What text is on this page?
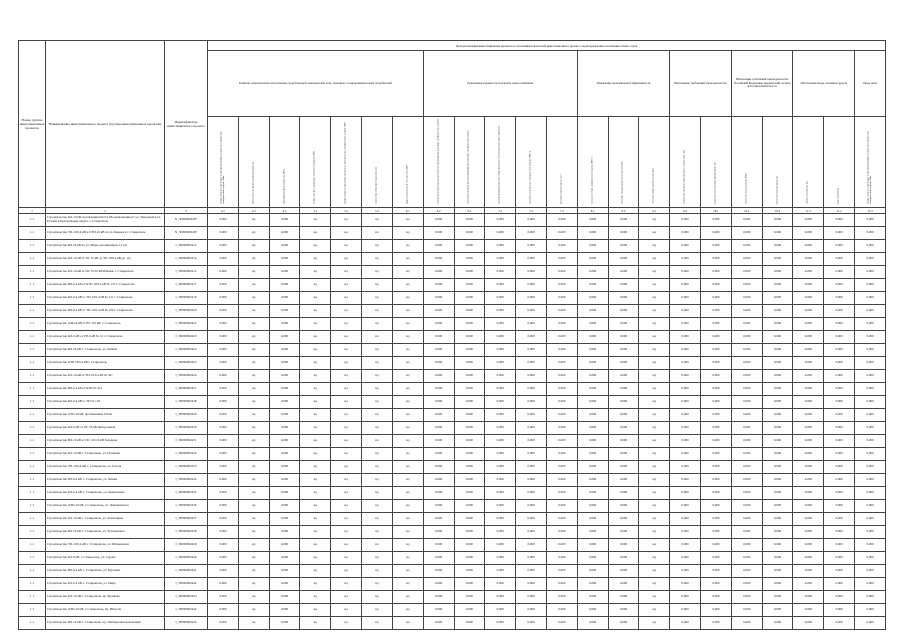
Номер группы инвестиционных проектов	Наименование инвестиционного проекта (группы инвестиционных проектов)	Идентификатор инвестиционного проекта	Цели реализации инвестиционных проектов в отношении показателей инвестиционного проекта, характеризующих реализацию плана, годов																					
			Развитие электрической сети/усиление существующей электрической сети, связанное с подключением новых потребителей							Повышение надежности и качества энергоснабжения					Повышение экономической эффективности			Выполнение требований законодательства		Выполнение требований законодательства Российской Федерации, предписаний органов исполнительной власти		Обеспечение ввода основных средств		Иные цели

			мощность присоединяемых энергопринимающих устройств потребителей электрической энергии, МВт	протяженность линий электропередачи, км	трансформаторная мощность, МВА	мощность присоединяемых объектов генерации, МВт	мощность присоединяемых объектов по производству электрической энергии, МВт	количество точек присоединения, шт.	прирост пропускной способности, МВт	показатель средней продолжительности прекращений передачи электрической энергии	показатель средней частоты прекращений передачи электрической энергии	показатель уровня качества осуществляемого технологического присоединения	снижение недоотпуска электрической энергии, МВт·ч	экономия энергоресурсов, т.у.т.	снижение потерь электрической энергии, МВт·ч	снижение операционных расходов, млн руб.	снижение затрат на ремонт, млн руб.	количество объектов, приведенных в соответствие, шт.	количество исполненных предписаний, шт.	объем обеспечения ввода, МВА	объем обеспечения ввода, км	прочие показатели, шт.	иные показатели	мощность присоединяемых энергопринимающих устройств потребителей электрической энергии, МВт

1	2	3	4.1	4.2	4.3	5.1	5.2	5.3	6.1	6.2	6.3	7.1	7.2	7.3	8.1	8.2	9.1	9.2	10.1	10.2	10.3	11.1	11.2	11.3
1.1	Строительство КЛ-10 кВ, протяжением КЛ 4 кВ, выполнение по ул. Заводской и ул. Ручной в Центральном округе, г. Ставрополь	N_3П000002407	0,000	нд	0,000	нд	нд	нд	нд	0,000	0,000	0,000	0,000	0,000	0,000	0,000	нд	0,000	0,000	0,000	0,000	0,000	0,000	0,000
1.1	Строительство ТП-10/0,4 кВ и ЛЭП-10 кВ по ул. Кирова в г. Ставрополь	N_3П000002407	0,000	нд	0,000	нд	нд	нд	нд	0,000	0,000	0,000	0,000	0,000	0,000	0,000	нд	0,000	0,000	0,000	0,000	0,000	0,000	0,000
1.1	Строительство ВЛ-10 кВ по ул. Мира, протяжением 1,2 км	I_3П000002412	0,000	нд	0,000	нд	нд	нд	нд	0,000	0,000	0,000	0,000	0,000	0,000	0,000	нд	0,000	0,000	0,000	0,000	0,000	0,000	0,000
1.1	Строительство КЛ-10 кВ от ПС 35 кВ до ТП 10/0,4 кВ (ф. 14)	I_3П000002414	0,000	нд	0,000	нд	нд	нд	нд	0,000	0,000	0,000	0,000	0,000	0,000	0,000	нд	0,000	0,000	0,000	0,000	0,000	0,000	0,000
1.1	Строительство КЛ-10 кВ от ПС 35/10 кВ Южная, г. Ставрополь	I_3П000002415	0,000	нд	0,000	нд	нд	нд	нд	0,000	0,000	0,000	0,000	0,000	0,000	0,000	нд	0,000	0,000	0,000	0,000	0,000	0,000	0,000
1.1	Строительство ВЛ-0,4 кВ от КТП 10/0,4 кВ № 153 г. Ставрополь	I_3П000002417	0,000	нд	0,000	нд	нд	нд	нд	0,000	0,000	0,000	0,000	0,000	0,000	0,000	нд	0,000	0,000	0,000	0,000	0,000	0,000	0,000
1.1	Строительство КЛ-0,4 кВ от ТП-10/0,4 кВ № 211 г. Ставрополь	I_3П000002419	0,000	нд	0,000	нд	нд	нд	нд	0,000	0,000	0,000	0,000	0,000	0,000	0,000	нд	0,000	0,000	0,000	0,000	0,000	0,000	0,000
1.1	Строительство ВЛ-0,4 кВ от ТП-10/0,4 кВ № 230 г. Ставрополь	I_3П000002420	0,000	нд	0,000	нд	нд	нд	нд	0,000	0,000	0,000	0,000	0,000	0,000	0,000	нд	0,000	0,000	0,000	0,000	0,000	0,000	0,000
1.1	Строительство ЛЭП-6 кВ от ПС 110 кВ, г. Ставрополь	I_3П000002422	0,000	нд	0,000	нд	нд	нд	нд	0,000	0,000	0,000	0,000	0,000	0,000	0,000	нд	0,000	0,000	0,000	0,000	0,000	0,000	0,000
1.1	Строительство КЛ-6 кВ от РП-6 кВ № 12 г. Ставрополь	I_3П000002423	0,000	нд	0,000	нд	нд	нд	нд	0,000	0,000	0,000	0,000	0,000	0,000	0,000	нд	0,000	0,000	0,000	0,000	0,000	0,000	0,000
1.1	Строительство ВЛ-10 кВ, г. Ставрополь, ул. Ленина	I_3П000002424	0,000	нд	0,000	нд	нд	нд	нд	0,000	0,000	0,000	0,000	0,000	0,000	0,000	нд	0,000	0,000	0,000	0,000	0,000	0,000	0,000
1.1	Строительство КТП 10/0,4 кВ г. Ставрополь	I_3П000002425	0,000	нд	0,000	нд	нд	нд	нд	0,000	0,000	0,000	0,000	0,000	0,000	0,000	нд	0,000	0,000	0,000	0,000	0,000	0,000	0,000
1.1	Строительство КЛ-10 кВ от ТП-10/0,4 кВ № 301	I_3П000002426	0,000	нд	0,000	нд	нд	нд	нд	0,000	0,000	0,000	0,000	0,000	0,000	0,000	нд	0,000	0,000	0,000	0,000	0,000	0,000	0,000
1.1	Строительство ВЛ-0,4 кВ от КТП № 412	I_3П000002427	0,000	нд	0,000	нд	нд	нд	нд	0,000	0,000	0,000	0,000	0,000	0,000	0,000	нд	0,000	0,000	0,000	0,000	0,000	0,000	0,000
1.1	Строительство КЛ-0,4 кВ от ТП № 118	I_3П000002428	0,000	нд	0,000	нд	нд	нд	нд	0,000	0,000	0,000	0,000	0,000	0,000	0,000	нд	0,000	0,000	0,000	0,000	0,000	0,000	0,000
1.1	Строительство ЛЭП-10 кВ, протяжением 0,8 км	I_3П000002429	0,000	нд	0,000	нд	нд	нд	нд	0,000	0,000	0,000	0,000	0,000	0,000	0,000	нд	0,000	0,000	0,000	0,000	0,000	0,000	0,000
1.1	Строительство КЛ-6 кВ от ПС 35 кВ Центральная	I_3П000002430	0,000	нд	0,000	нд	нд	нд	нд	0,000	0,000	0,000	0,000	0,000	0,000	0,000	нд	0,000	0,000	0,000	0,000	0,000	0,000	0,000
1.1	Строительство ВЛ-10 кВ от ПС 110/10 кВ Западная	I_3П000002431	0,000	нд	0,000	нд	нд	нд	нд	0,000	0,000	0,000	0,000	0,000	0,000	0,000	нд	0,000	0,000	0,000	0,000	0,000	0,000	0,000
1.1	Строительство КЛ-10 кВ, г. Ставрополь, ул. Пушкина	I_3П000002432	0,000	нд	0,000	нд	нд	нд	нд	0,000	0,000	0,000	0,000	0,000	0,000	0,000	нд	0,000	0,000	0,000	0,000	0,000	0,000	0,000
1.1	Строительство ТП-10/0,4 кВ, г. Ставрополь, ул. Гоголя	I_3П000002433	0,000	нд	0,000	нд	нд	нд	нд	0,000	0,000	0,000	0,000	0,000	0,000	0,000	нд	0,000	0,000	0,000	0,000	0,000	0,000	0,000
1.1	Строительство ВЛ-0,4 кВ, г. Ставрополь, ул. Чехова	I_3П000002434	0,000	нд	0,000	нд	нд	нд	нд	0,000	0,000	0,000	0,000	0,000	0,000	0,000	нд	0,000	0,000	0,000	0,000	0,000	0,000	0,000
1.1	Строительство КЛ-0,4 кВ, г. Ставрополь, ул. Лермонтова	I_3П000002435	0,000	нд	0,000	нд	нд	нд	нд	0,000	0,000	0,000	0,000	0,000	0,000	0,000	нд	0,000	0,000	0,000	0,000	0,000	0,000	0,000
1.1	Строительство ЛЭП-10 кВ, г. Ставрополь, ул. Дзержинского	I_3П000002436	0,000	нд	0,000	нд	нд	нд	нд	0,000	0,000	0,000	0,000	0,000	0,000	0,000	нд	0,000	0,000	0,000	0,000	0,000	0,000	0,000
1.1	Строительство КЛ-10 кВ, г. Ставрополь, ул. Доваторцев	I_3П000002437	0,000	нд	0,000	нд	нд	нд	нд	0,000	0,000	0,000	0,000	0,000	0,000	0,000	нд	0,000	0,000	0,000	0,000	0,000	0,000	0,000
1.1	Строительство ВЛ-10 кВ, г. Ставрополь, ул. Тухачевского	I_3П000002438	0,000	нд	0,000	нд	нд	нд	нд	0,000	0,000	0,000	0,000	0,000	0,000	0,000	нд	0,000	0,000	0,000	0,000	0,000	0,000	0,000
1.1	Строительство ТП-10/0,4 кВ, г. Ставрополь, ул. Шпаковская	I_3П000002439	0,000	нд	0,000	нд	нд	нд	нд	0,000	0,000	0,000	0,000	0,000	0,000	0,000	нд	0,000	0,000	0,000	0,000	0,000	0,000	0,000
1.1	Строительство КЛ-6 кВ, г. Ставрополь, ул. Серова	I_3П000002440	0,000	нд	0,000	нд	нд	нд	нд	0,000	0,000	0,000	0,000	0,000	0,000	0,000	нд	0,000	0,000	0,000	0,000	0,000	0,000	0,000
1.1	Строительство ВЛ-0,4 кВ, г. Ставрополь, ул. Бруснева	I_3П000002441	0,000	нд	0,000	нд	нд	нд	нд	0,000	0,000	0,000	0,000	0,000	0,000	0,000	нд	0,000	0,000	0,000	0,000	0,000	0,000	0,000
1.1	Строительство КЛ-0,4 кВ, г. Ставрополь, ул. Мира	I_3П000002442	0,000	нд	0,000	нд	нд	нд	нд	0,000	0,000	0,000	0,000	0,000	0,000	0,000	нд	0,000	0,000	0,000	0,000	0,000	0,000	0,000
1.1	Строительство КЛ-10 кВ, г. Ставрополь, пр. Кулакова	I_3П000002443	0,000	нд	0,000	нд	нд	нд	нд	0,000	0,000	0,000	0,000	0,000	0,000	0,000	нд	0,000	0,000	0,000	0,000	0,000	0,000	0,000
1.1	Строительство ЛЭП-10 кВ, г. Ставрополь, пр. Юности	I_3П000002444	0,000	нд	0,000	нд	нд	нд	нд	0,000	0,000	0,000	0,000	0,000	0,000	0,000	нд	0,000	0,000	0,000	0,000	0,000	0,000	0,000
1.1	Строительство ВЛ-10 кВ, г. Ставрополь, пр. Октябрьской революции	I_3П000002445	0,000	нд	0,000	нд	нд	нд	нд	0,000	0,000	0,000	0,000	0,000	0,000	0,000	нд	0,000	0,000	0,000	0,000	0,000	0,000	0,000
